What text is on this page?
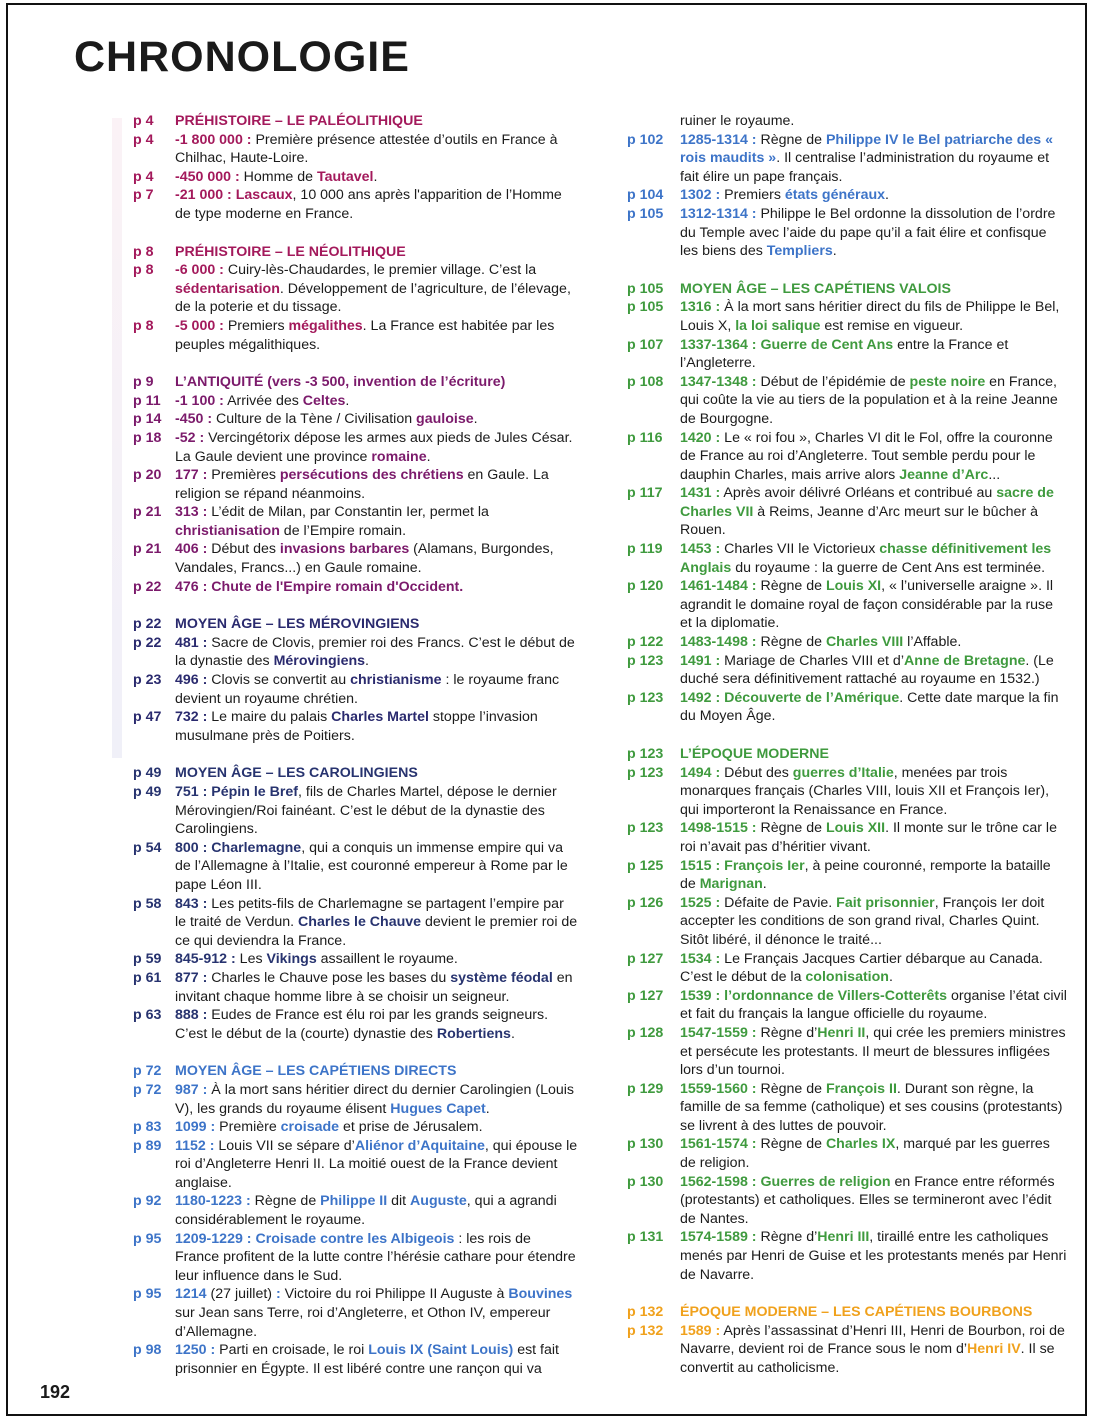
CHRONOLOGIE
p 4	PRÉHISTOIRE – LE PALÉOLITHIQUE
p 4	-1 800 000 : Première présence attestée d’outils en France à Chilhac, Haute-Loire.
p 4	-450 000 : Homme de Tautavel.
p 7	-21 000 : Lascaux, 10 000 ans après l'apparition de l’Homme de type moderne en France.
p 8	PRÉHISTOIRE – LE NÉOLITHIQUE
p 8	-6 000 : Cuiry-lès-Chaudardes, le premier village. C’est la sédentarisation. Développement de l’agriculture, de l’élevage, de la poterie et du tissage.
p 8	-5 000 : Premiers mégalithes. La France est habitée par les peuples mégalithiques.
p 9	L’ANTIQUITÉ (vers -3 500, invention de l’écriture)
p 11	-1 100 : Arrivée des Celtes.
p 14 -450 : Culture de la Tène / Civilisation gauloise.
p 18 -52 : Vercingétorix dépose les armes aux pieds de Jules César. La Gaule devient une province romaine.
p 20 177 : Premières persécutions des chrétiens en Gaule. La religion se répand néanmoins.
p 21 313 : L’édit de Milan, par Constantin Ier, permet la christianisation de l’Empire romain.
p 21 406 : Début des invasions barbares (Alamans, Burgondes, Vandales, Francs...) en Gaule romaine.
p 22 476 : Chute de l'Empire romain d'Occident.
p 22 MOYEN ÂGE – LES MÉROVINGIENS
p 22 481 : Sacre de Clovis, premier roi des Francs. C’est le début de la dynastie des Mérovingiens.
p 23 496 : Clovis se convertit au christianisme : le royaume franc devient un royaume chrétien.
p 47 732 : Le maire du palais Charles Martel stoppe l’invasion musulmane près de Poitiers.
p 49 MOYEN ÂGE – LES CAROLINGIENS
p 49 751 : Pépin le Bref, fils de Charles Martel, dépose le dernier Mérovingien/Roi fainéant. C’est le début de la dynastie des Carolingiens.
p 54 800 : Charlemagne, qui a conquis un immense empire qui va de l’Allemagne à l’Italie, est couronné empereur à Rome par le pape Léon III.
p 58 843 : Les petits-fils de Charlemagne se partagent l’empire par le traité de Verdun. Charles le Chauve devient le premier roi de ce qui deviendra la France.
p 59 845-912 : Les Vikings assaillent le royaume.
p 61 877 : Charles le Chauve pose les bases du système féodal en invitant chaque homme libre à se choisir un seigneur.
p 63 888 : Eudes de France est élu roi par les grands seigneurs. C’est le début de la (courte) dynastie des Robertiens.
p 72 MOYEN ÂGE – LES CAPÉTIENS DIRECTS
p 72 987 : À la mort sans héritier direct du dernier Carolingien (Louis V), les grands du royaume élisent Hugues Capet.
p 83 1099 : Première croisade et prise de Jérusalem.
p 89 1152 : Louis VII se sépare d’Aliénor d’Aquitaine, qui épouse le roi d’Angleterre Henri II. La moitié ouest de la France devient anglaise.
p 92 1180-1223 : Règne de Philippe II dit Auguste, qui a agrandi considérablement le royaume.
p 95 1209-1229 : Croisade contre les Albigeois : les rois de France profitent de la lutte contre l’hérésie cathare pour étendre leur influence dans le Sud.
p 95 1214 (27 juillet) : Victoire du roi Philippe II Auguste à Bouvines sur Jean sans Terre, roi d’Angleterre, et Othon IV, empereur d’Allemagne.
p 98 1250 : Parti en croisade, le roi Louis IX (Saint Louis) est fait prisonnier en Égypte. Il est libéré contre une rançon qui va
ruiner le royaume.
p 102	1285-1314 : Règne de Philippe IV le Bel patriarche des « rois maudits ». Il centralise l’administration du royaume et fait élire un pape français.
p 104	1302 : Premiers états généraux.
p 105	1312-1314 : Philippe le Bel ordonne la dissolution de l’ordre du Temple avec l’aide du pape qu’il a fait élire et confisque les biens des Templiers.
p 105	MOYEN ÂGE – LES CAPÉTIENS VALOIS
p 105	1316 : À la mort sans héritier direct du fils de Philippe le Bel, Louis X, la loi salique est remise en vigueur.
p 107	1337-1364 : Guerre de Cent Ans entre la France et l’Angleterre.
p 108	1347-1348 : Début de l’épidémie de peste noire en France, qui coûte la vie au tiers de la population et à la reine Jeanne de Bourgogne.
p 116	1420 : Le « roi fou », Charles VI dit le Fol, offre la couronne de France au roi d’Angleterre. Tout semble perdu pour le dauphin Charles, mais arrive alors Jeanne d’Arc...
p 117	1431 : Après avoir délivré Orléans et contribué au sacre de Charles VII à Reims, Jeanne d’Arc meurt sur le bûcher à Rouen.
p 119	1453 : Charles VII le Victorieux chasse définitivement les Anglais du royaume : la guerre de Cent Ans est terminée.
p 120	1461-1484 : Règne de Louis XI, « l’universelle araigne ». Il agrandit le domaine royal de façon considérable par la ruse et la diplomatie.
p 122	1483-1498 : Règne de Charles VIII l’Affable.
p 123	1491 : Mariage de Charles VIII et d’Anne de Bretagne. (Le duché sera définitivement rattaché au royaume en 1532.)
p 123	1492 : Découverte de l’Amérique. Cette date marque la fin du Moyen Âge.
p 123	L’ÉPOQUE MODERNE
p 123	1494 : Début des guerres d’Italie, menées par trois monarques français (Charles VIII, louis XII et François Ier), qui importeront la Renaissance en France.
p 123	1498-1515 : Règne de Louis XII. Il monte sur le trône car le roi n’avait pas d’héritier vivant.
p 125	1515 : François Ier, à peine couronné, remporte la bataille de Marignan.
p 126	1525 : Défaite de Pavie. Fait prisonnier, François Ier doit accepter les conditions de son grand rival, Charles Quint. Sitôt libéré, il dénonce le traité...
p 127	1534 : Le Français Jacques Cartier débarque au Canada. C’est le début de la colonisation.
p 127	1539 : l’ordonnance de Villers-Cotterêts organise l’état civil et fait du français la langue officielle du royaume.
p 128	1547-1559 : Règne d’Henri II, qui crée les premiers ministres et persécute les protestants. Il meurt de blessures infligées lors d’un tournoi.
p 129	1559-1560 : Règne de François II. Durant son règne, la famille de sa femme (catholique) et ses cousins (protestants) se livrent à des luttes de pouvoir.
p 130	1561-1574 : Règne de Charles IX, marqué par les guerres de religion.
p 130	1562-1598 : Guerres de religion en France entre réformés (protestants) et catholiques. Elles se termineront avec l’édit de Nantes.
p 131	1574-1589 : Règne d’Henri III, tiraillé entre les catholiques menés par Henri de Guise et les protestants menés par Henri de Navarre.
p 132	ÉPOQUE MODERNE – LES CAPÉTIENS BOURBONS
p 132	1589 : Après l’assassinat d’Henri III, Henri de Bourbon, roi de Navarre, devient roi de France sous le nom d’Henri IV. Il se convertit au catholicisme.
192
